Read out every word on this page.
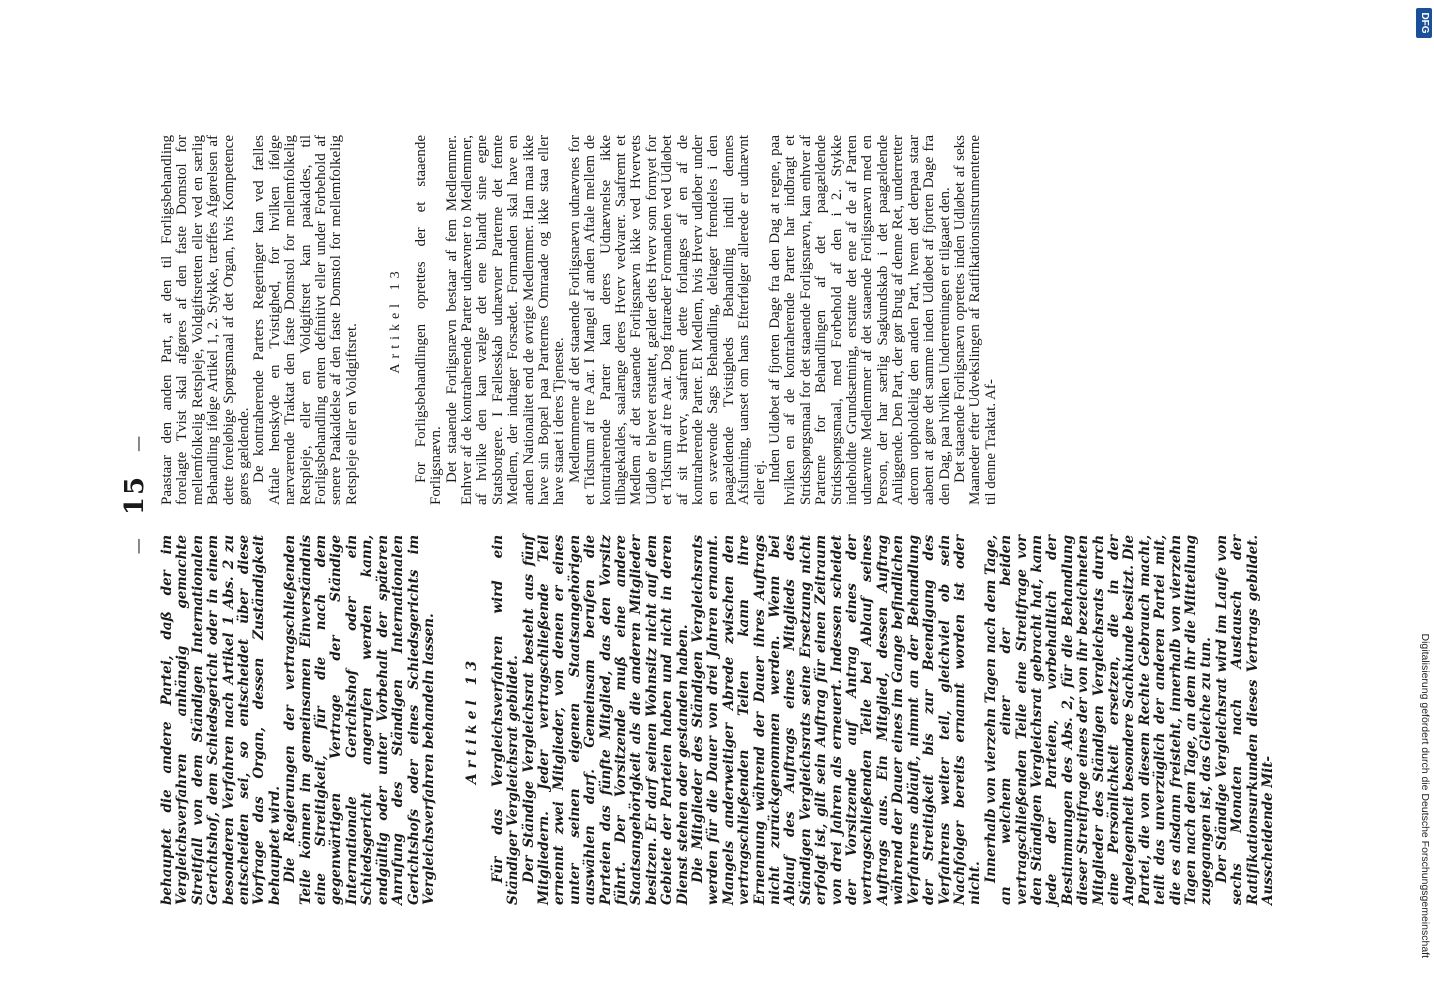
— 15 —

behauptet die andere Partei, daß der im Vergleichsverfahren anhängig gemachte Streitfall von dem Ständigen Internationalen Gerichtshof, dem Schiedsgericht oder in einem besonderen Verfahren nach Artikel 1 Abs. 2 zu entscheiden sei, so entscheidet über diese Vorfrage das Organ, dessen Zuständigkeit behauptet wird. Die Regierungen der vertragschließenden Teile können im gemeinsamen Einverständnis eine Streitigkeit, für die nach dem gegenwärtigen Vertrage der Ständige Internationale Gerichtshof oder ein Schiedsgericht angerufen werden kann, endgültig oder unter Vorbehalt der späteren Anrufung des Ständigen Internationalen Gerichtshofs oder eines Schiedsgerichts im Vergleichsverfahren behandeln lassen. Artikel 13 Für das Vergleichsverfahren wird ein Ständiger Vergleichsrat gebildet. Der Ständige Vergleichsrat besteht aus fünf Mitgliedern. Jeder vertragschließende Teil ernennt zwei Mitglieder, von denen er eines unter seinen eigenen Staatsangehörigen auswählen darf. Gemeinsam berufen die Parteien das fünfte Mitglied, das den Vorsitz führt. Der Vorsitzende muß eine andere Staatsangehörigkeit als die anderen Mitglieder besitzen. Er darf seinen Wohnsitz nicht auf dem Gebiete der Parteien haben und nicht in deren Dienst stehen oder gestanden haben. Die Mitglieder des Ständigen Vergleichsrats werden für die Dauer von drei Jahren ernannt. Mangels anderweitiger Abrede zwischen den vertragschließenden Teilen kann ihre Ernennung während der Dauer ihres Auftrags nicht zurückgenommen werden. Wenn bei Ablauf des Auftrags eines Mitglieds des Ständigen Vergleichsrats seine Ersetzung nicht erfolgt ist, gilt sein Auftrag für einen Zeitraum von drei Jahren als erneuert. Indessen scheidet der Vorsitzende auf Antrag eines der vertragschließenden Teile bei Ablauf seines Auftrags aus. Ein Mitglied, dessen Auftrag während der Dauer eines im Gange befindlichen Verfahrens abläuft, nimmt an der Behandlung der Streitigkeit bis zur Beendigung des Verfahrens weiter teil, gleichviel ob sein Nachfolger bereits ernannt worden ist oder nicht.

Innerhalb von vierzehn Tagen nach dem Tage, an welchem einer der beiden vertragschließenden Teile eine Streitfrage vor den Ständigen Vergleichsrat gebracht hat, kann jede der Parteien, vorbehaltlich der Bestimmungen des Abs. 2, für die Behandlung dieser Streitfrage eines der von ihr bezeichneten Mitglieder des Ständigen Vergleichsrats durch eine Persönlichkeit ersetzen, die in der Angelegenheit besondere Sachkunde besitzt. Die Partei, die von diesem Rechte Gebrauch macht, teilt das unverzüglich der anderen Partei mit, die es alsdann freisteht, innerhalb von vierzehn Tagen nach dem Tage, an dem ihr die Mitteilung zugegangen ist, das Gleiche zu tun. Der Ständige Vergleichsrat wird im Laufe von sechs Monaten nach Austausch der Ratifikationsurkunden dieses Vertrags gebildet. Ausscheidende Mit-

Paastaar den anden Part, at den til Forligsbehandling forelagte Tvist skal afgøres af den faste Domstol for mellemfolkelig Retspleje, Voldgiftsretten eller ved en særlig Behandling ifølge Artikel 1, 2. Stykke, træffes Afgørelsen af dette foreløbige Spørgsmaal af det Organ, hvis Kompetence gøres gældende. De kontraherende Parters Regeringer kan ved fælles Aftale henskyde en Tvistighed, for hvilken ifølge nærværende Traktat den faste Domstol for mellemfolkelig Retspleje, eller en Voldgiftsret kan paakaldes, til Forligsbehandling enten definitivt eller under Forbehold af senere Paakaldelse af den faste Domstol for mellemfolkelig Retspleje eller en Voldgiftsret.

Artikel 13 For Forligsbehandlingen oprettes der et staaende Forligsnævn. Det staaende Forligsnævn bestaar af fem Medlemmer. Enhver af de kontraherende Parter udnævner to Medlemmer, af hvilke den kan vælge det ene blandt sine egne Statsborgere. I Fællesskab udnævner Parterne det femte Medlem, der indtager Forsædet. Formanden skal have en anden Nationalitet end de øvrige Medlemmer. Han maa ikke have sin Bopæl paa Parternes Omraade og ikke staa eller have staaet i deres Tjeneste. Medlemmerne af det staaende Forligsnævn udnævnes for et Tidsrum af tre Aar. I Mangel af anden Aftale mellem de kontraherende Parter kan deres Udnævnelse ikke tilbagekaldes, saalænge deres Hverv vedvarer. Saafremt et Medlem af det staaende Forligsnævn ikke ved Hvervets Udløb er blevet erstattet, gælder dets Hverv som fornyet for et Tidsrum af tre Aar. Dog fratræder Formanden ved Udløbet af sit Hverv, saafremt dette forlanges af en af de kontraherende Parter. Et Medlem, hvis Hverv udløber under en svævende Sags Behandling, deltager fremdeles i den paagældende Tvistigheds Behandling indtil dennes Afslutning, uanset om hans Efterfølger allerede er udnævnt eller ej. Inden Udløbet af fjorten Dage fra den Dag at regne, paa hvilken en af de kontraherende Parter har indbragt et Stridsspørgsmaal for det staaende Forligsnævn, kan enhver af Parterne for Behandlingen af det paagældende Stridsspørgsmaal, med Forbehold af den i 2. Stykke indeholdte Grundsætning, erstatte det ene af de af Parten udnævnte Medlemmer af det staaende Forligsnævn med en Person, der har særlig Sagkundskab i det paagældende Anliggende. Den Part, der gør Brug af denne Ret, underretter derom uopholdelig den anden Part, hvem det derpaa staar aabent at gøre det samme inden Udløbet af fjorten Dage fra den Dag, paa hvilken Underretningen er tilgaaet den. Det staaende Forligsnævn oprettes inden Udløbet af seks Maaneder efter Udvekslingen af Ratifikationsinstrumenterne til denne Traktat. Af-

DFG
Digitalisierung gefördert durch die Deutsche Forschungsgemeinschaft
